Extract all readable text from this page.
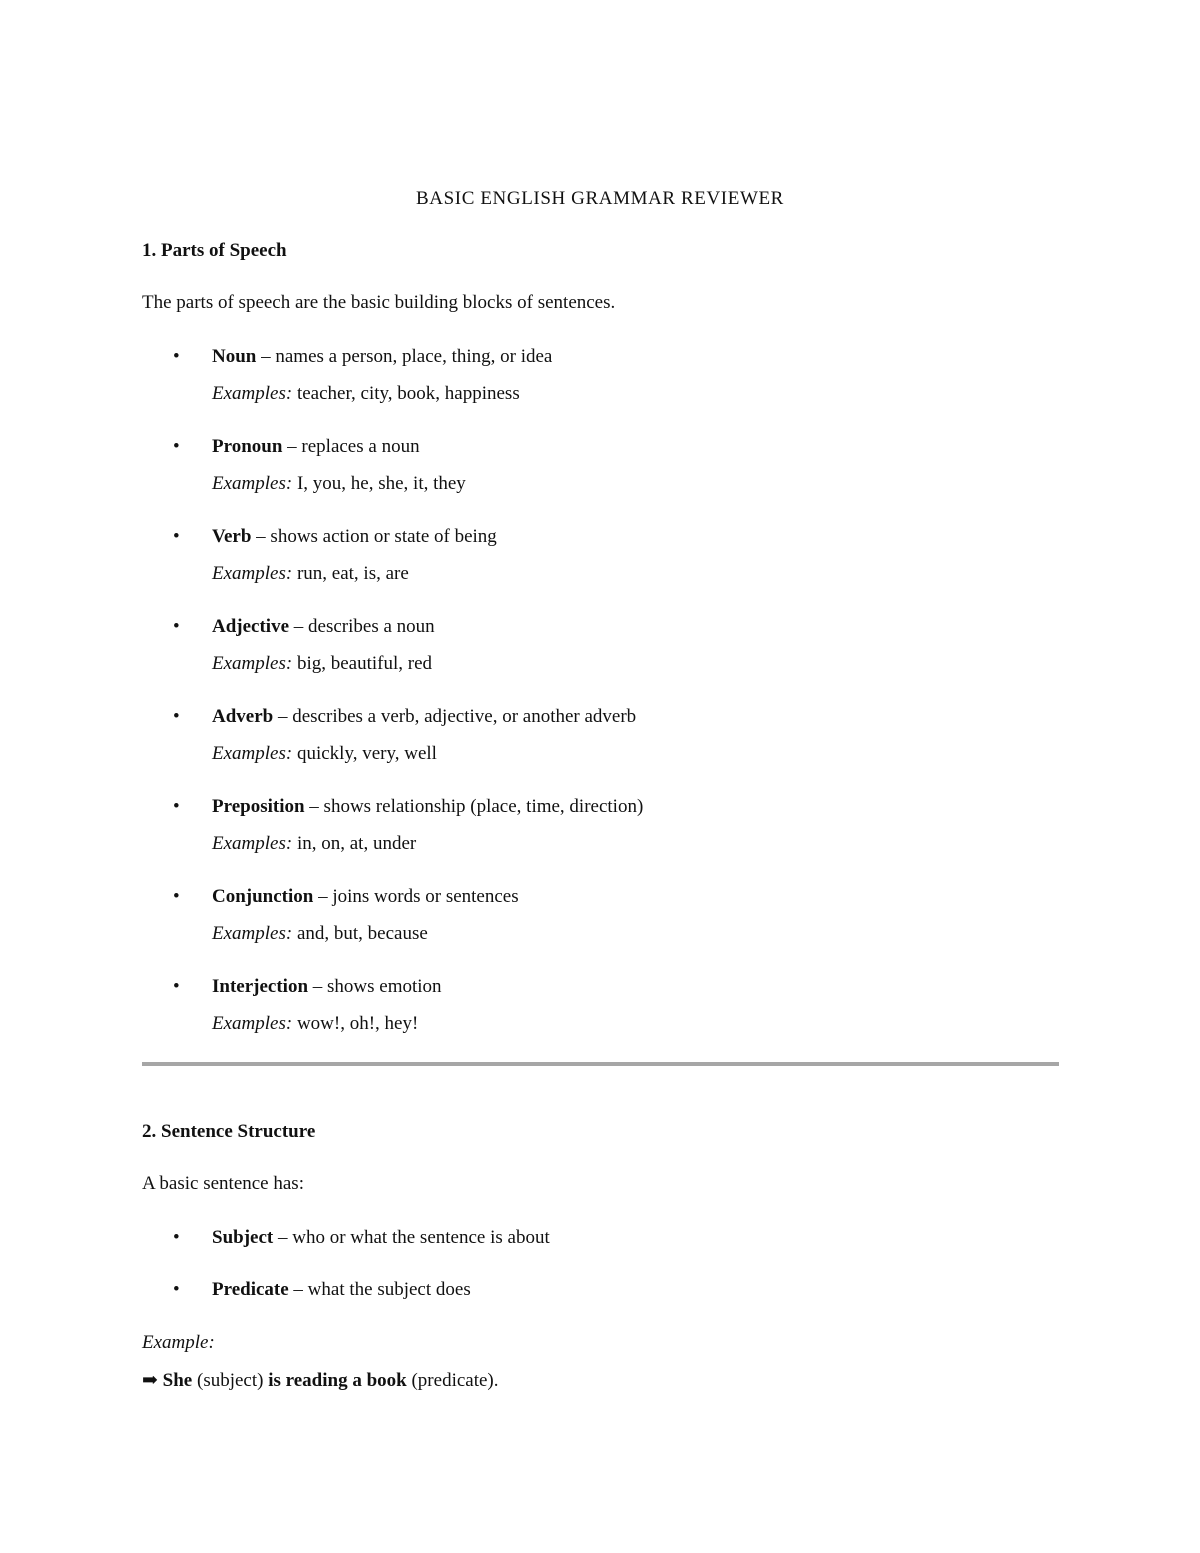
BASIC ENGLISH GRAMMAR REVIEWER
1. Parts of Speech
The parts of speech are the basic building blocks of sentences.
• Noun – names a person, place, thing, or idea
Examples: teacher, city, book, happiness
• Pronoun – replaces a noun
Examples: I, you, he, she, it, they
• Verb – shows action or state of being
Examples: run, eat, is, are
• Adjective – describes a noun
Examples: big, beautiful, red
• Adverb – describes a verb, adjective, or another adverb
Examples: quickly, very, well
• Preposition – shows relationship (place, time, direction)
Examples: in, on, at, under
• Conjunction – joins words or sentences
Examples: and, but, because
• Interjection – shows emotion
Examples: wow!, oh!, hey!
2. Sentence Structure
A basic sentence has:
• Subject – who or what the sentence is about
• Predicate – what the subject does
Example:
➡ She (subject) is reading a book (predicate).
